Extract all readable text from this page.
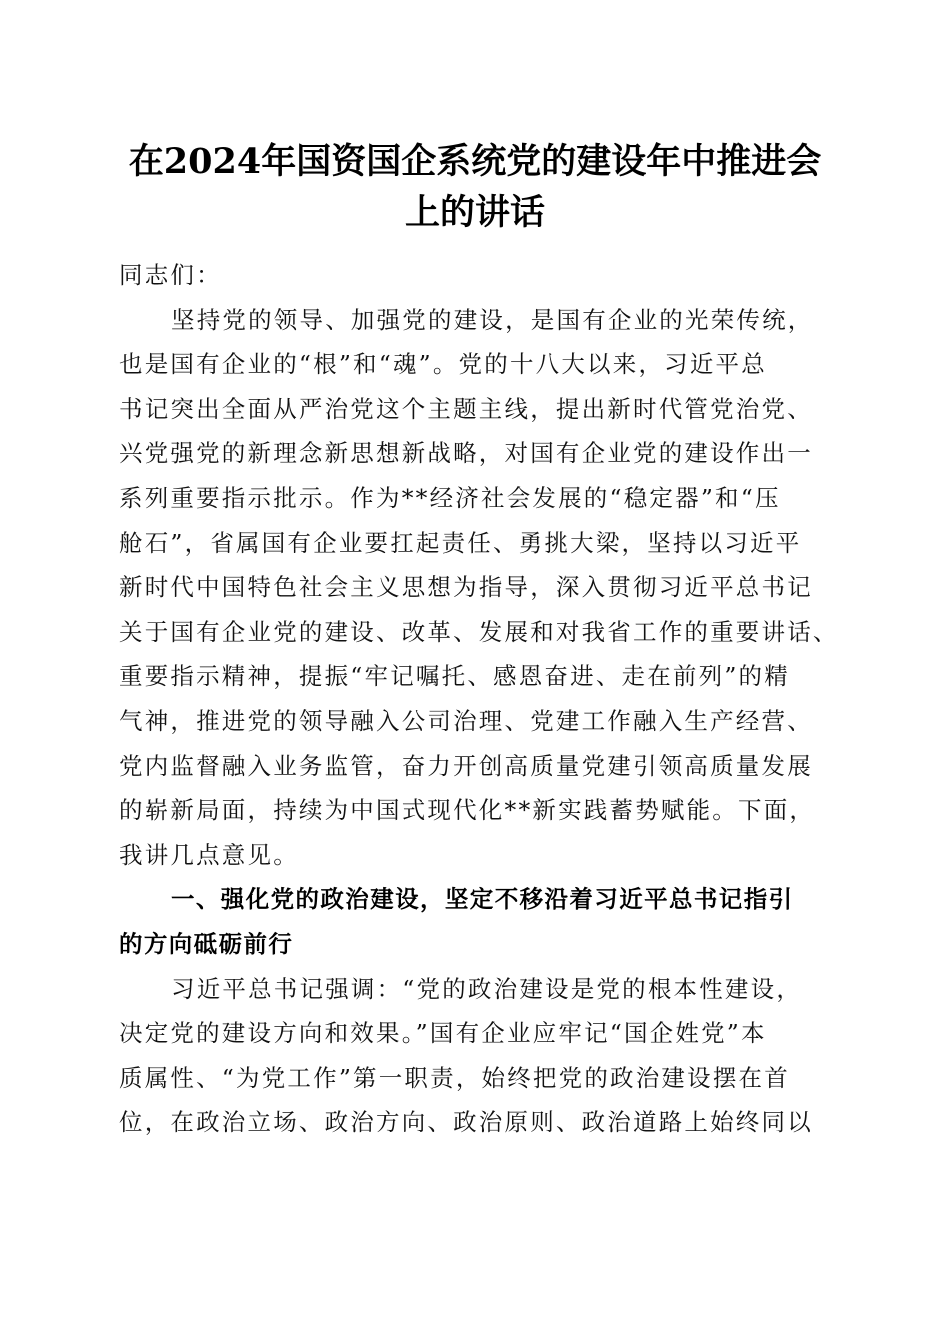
在2024年国资国企系统党的建设年中推进会
上的讲话
同志们：
坚持党的领导、加强党的建设，是国有企业的光荣传统，
也是国有企业的“根”和“魂”。党的十八大以来，习近平总
书记突出全面从严治党这个主题主线，提出新时代管党治党、
兴党强党的新理念新思想新战略，对国有企业党的建设作出一
系列重要指示批示。作为**经济社会发展的“稳定器”和“压
舱石”，省属国有企业要扛起责任、勇挑大梁，坚持以习近平
新时代中国特色社会主义思想为指导，深入贯彻习近平总书记
关于国有企业党的建设、改革、发展和对我省工作的重要讲话、
重要指示精神，提振“牢记嘱托、感恩奋进、走在前列”的精
气神，推进党的领导融入公司治理、党建工作融入生产经营、
党内监督融入业务监管，奋力开创高质量党建引领高质量发展
的崭新局面，持续为中国式现代化**新实践蓄势赋能。下面，
我讲几点意见。
一、强化党的政治建设，坚定不移沿着习近平总书记指引
的方向砥砺前行
习近平总书记强调：“党的政治建设是党的根本性建设，
决定党的建设方向和效果。”国有企业应牢记“国企姓党”本
质属性、“为党工作”第一职责，始终把党的政治建设摆在首
位，在政治立场、政治方向、政治原则、政治道路上始终同以
